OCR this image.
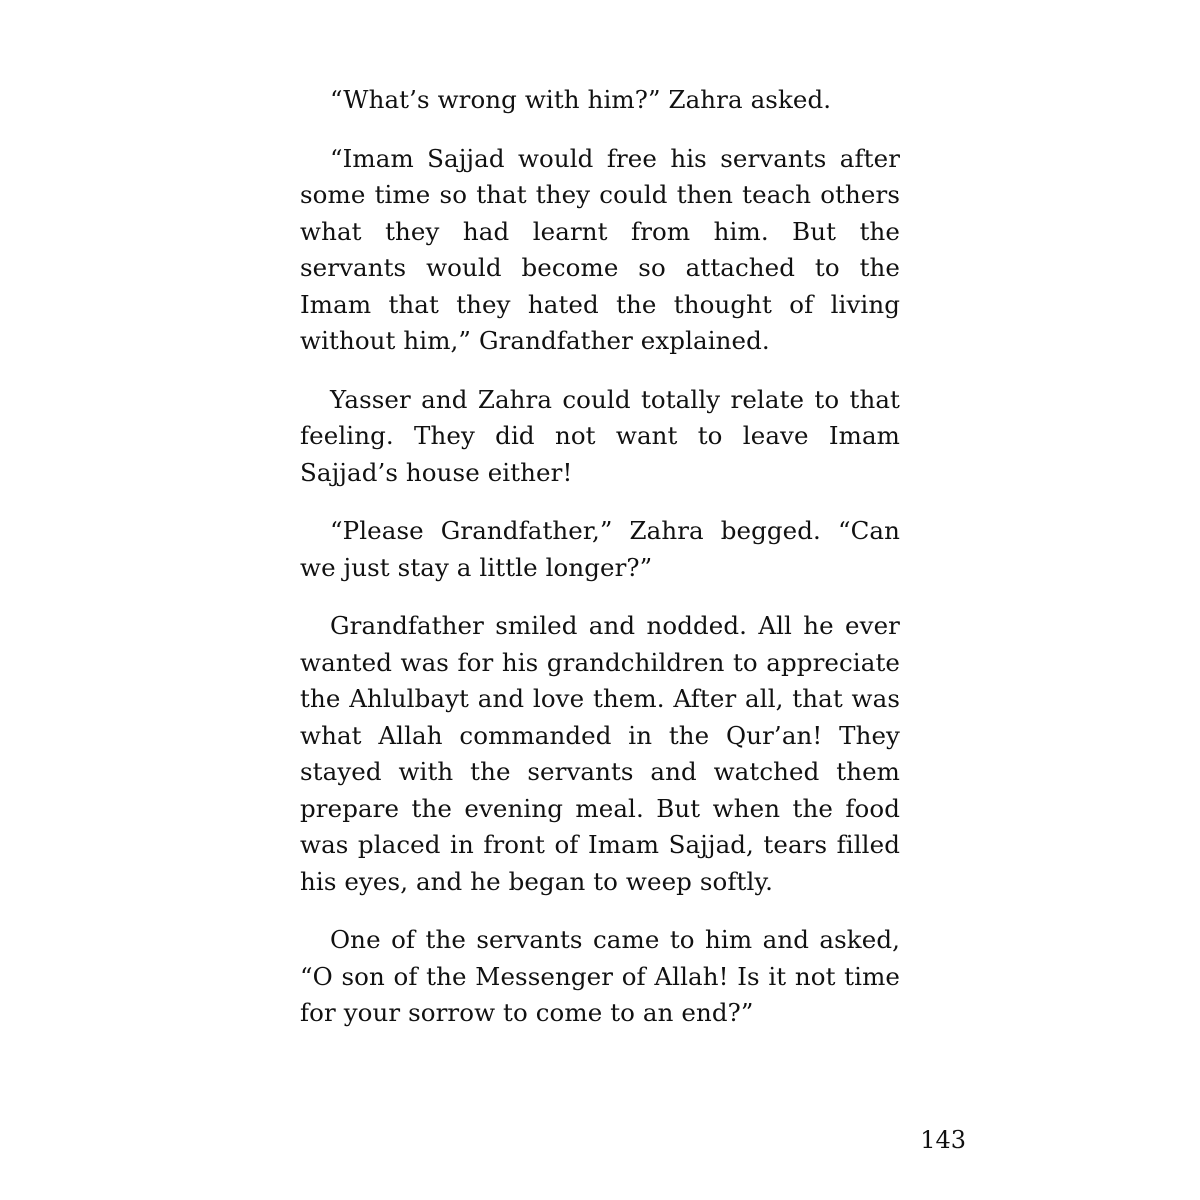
“What’s wrong with him?” Zahra asked.

“Imam Sajjad would free his servants after some time so that they could then teach others what they had learnt from him. But the servants would become so attached to the Imam that they hated the thought of living without him,” Grandfather explained.

Yasser and Zahra could totally relate to that feeling. They did not want to leave Imam Sajjad’s house either!

“Please Grandfather,” Zahra begged. “Can we just stay a little longer?”

Grandfather smiled and nodded. All he ever wanted was for his grandchildren to appreciate the Ahlulbayt and love them. After all, that was what Allah commanded in the Qur’an! They stayed with the servants and watched them prepare the evening meal. But when the food was placed in front of Imam Sajjad, tears filled his eyes, and he began to weep softly.

One of the servants came to him and asked, “O son of the Messenger of Allah! Is it not time for your sorrow to come to an end?”

143
